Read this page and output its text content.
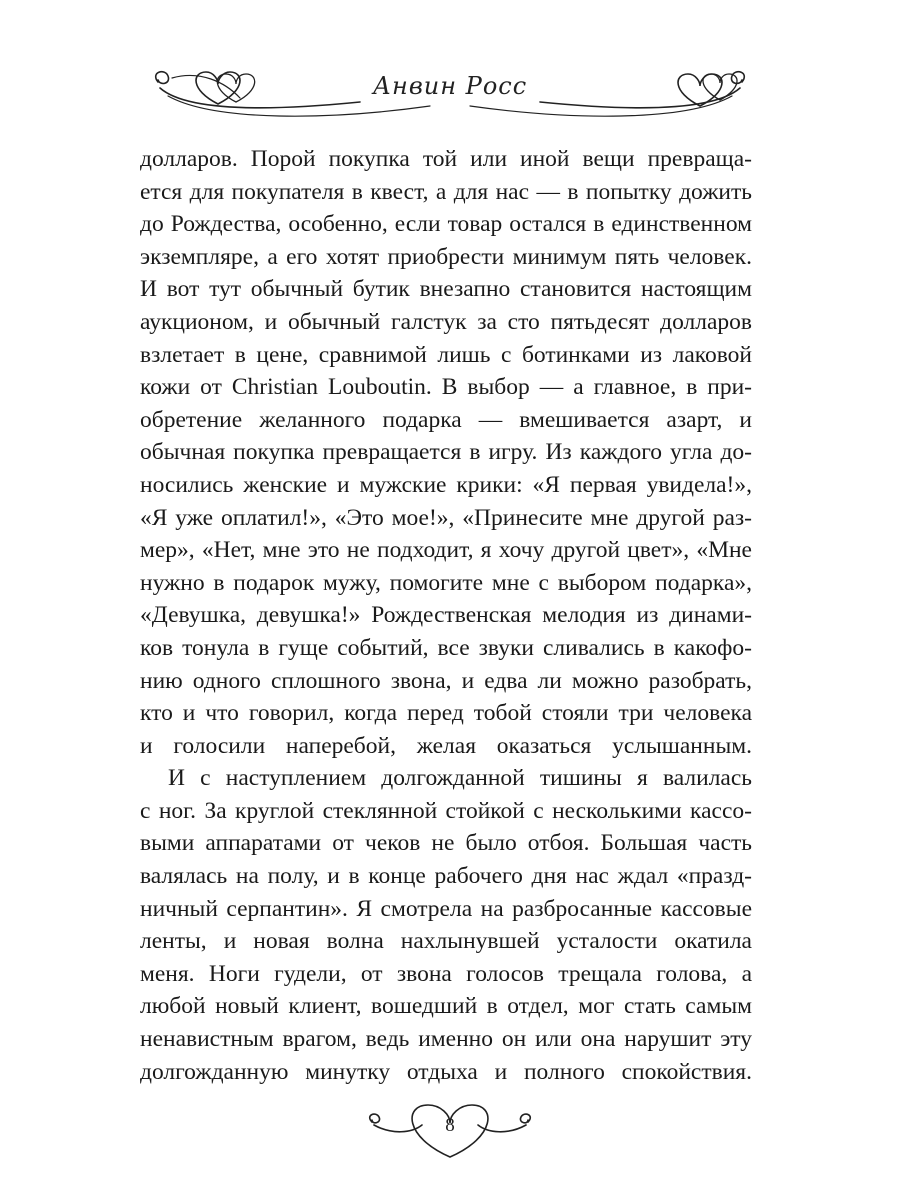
Анвин Росс

долларов. Порой покупка той или иной вещи превраща-
ется для покупателя в квест, а для нас — в попытку дожить
до Рождества, особенно, если товар остался в единственном
экземпляре, а его хотят приобрести минимум пять человек.
И вот тут обычный бутик внезапно становится настоящим
аукционом, и обычный галстук за сто пятьдесят долларов
взлетает в цене, сравнимой лишь с ботинками из лаковой
кожи от Christian Louboutin. В выбор — а главное, в при-
обретение желанного подарка — вмешивается азарт, и
обычная покупка превращается в игру. Из каждого угла до-
носились женские и мужские крики: «Я первая увидела!»,
«Я уже оплатил!», «Это мое!», «Принесите мне другой раз-
мер», «Нет, мне это не подходит, я хочу другой цвет», «Мне
нужно в подарок мужу, помогите мне с выбором подарка»,
«Девушка, девушка!» Рождественская мелодия из динами-
ков тонула в гуще событий, все звуки сливались в какофо-
нию одного сплошного звона, и едва ли можно разобрать,
кто и что говорил, когда перед тобой стояли три человека
и голосили наперебой, желая оказаться услышанным.

И с наступлением долгожданной тишины я валилась
с ног. За круглой стеклянной стойкой с несколькими кассо-
выми аппаратами от чеков не было отбоя. Большая часть
валялась на полу, и в конце рабочего дня нас ждал «празд-
ничный серпантин». Я смотрела на разбросанные кассовые
ленты, и новая волна нахлынувшей усталости окатила
меня. Ноги гудели, от звона голосов трещала голова, а
любой новый клиент, вошедший в отдел, мог стать самым
ненавистным врагом, ведь именно он или она нарушит эту
долгожданную минутку отдыха и полного спокойствия.

8
